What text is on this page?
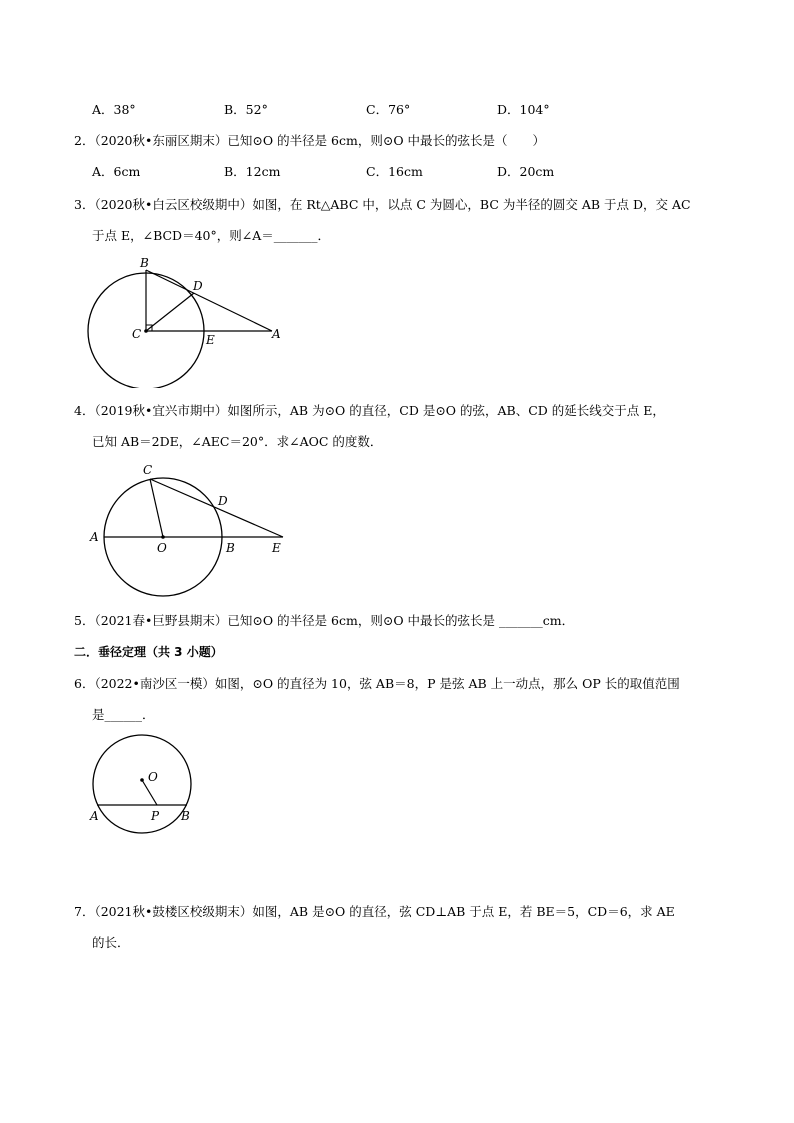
A．38°	B．52°	C．76°	D．104°
2．（2020秋•东丽区期末）已知⊙O 的半径是 6cm，则⊙O 中最长的弦长是（　　）
A．6cm	B．12cm	C．16cm	D．20cm
3．（2020秋•白云区校级期中）如图，在 Rt△ABC 中，以点 C 为圆心，BC 为半径的圆交 AB 于点 D，交 AC
于点 E，∠BCD＝40°，则∠A＝_______．
B
D
C	E	A
4．（2019秋•宜兴市期中）如图所示，AB 为⊙O 的直径，CD 是⊙O 的弦，AB、CD 的延长线交于点 E，
已知 AB＝2DE，∠AEC＝20°．求∠AOC 的度数．
C
D
A
O	B	E
5．（2021春•巨野县期末）已知⊙O 的半径是 6cm，则⊙O 中最长的弦长是 _______cm．
二．垂径定理（共 3 小题）
6．（2022•南沙区一模）如图，⊙O 的直径为 10，弦 AB＝8，P 是弦 AB 上一动点，那么 OP 长的取值范围
是______．
O
A	P B
7．（2021秋•鼓楼区校级期末）如图，AB 是⊙O 的直径，弦 CD⊥AB 于点 E，若 BE＝5，CD＝6，求 AE
的长．
